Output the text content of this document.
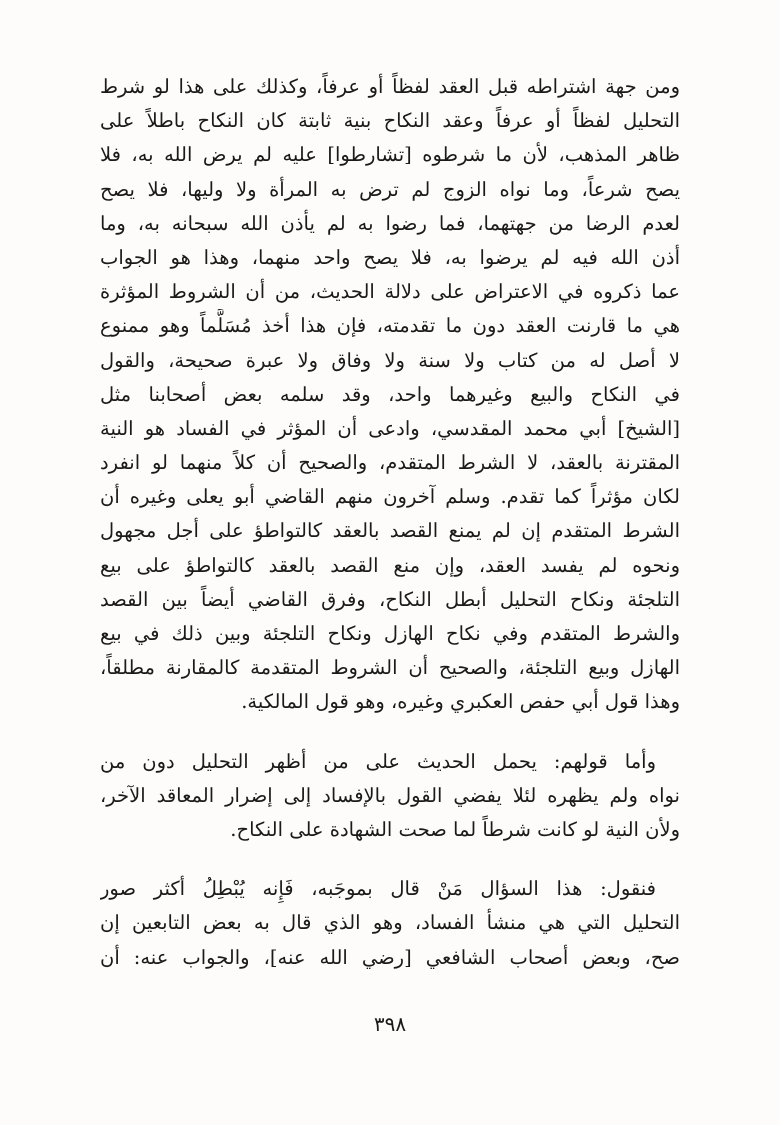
ومن جهة اشتراطه قبل العقد لفظاً أو عرفاً، وكذلك على هذا لو شرط
التحليل لفظاً أو عرفاً وعقد النكاح بنية ثابتة كان النكاح باطلاً على
ظاهر المذهب، لأن ما شرطوه [تشارطوا] عليه لم يرض الله به، فلا
يصح شرعاً، وما نواه الزوج لم ترض به المرأة ولا وليها، فلا يصح
لعدم الرضا من جهتهما، فما رضوا به لم يأذن الله سبحانه به، وما
أذن الله فيه لم يرضوا به، فلا يصح واحد منهما، وهذا هو الجواب
عما ذكروه في الاعتراض على دلالة الحديث، من أن الشروط المؤثرة
هي ما قارنت العقد دون ما تقدمته، فإن هذا أخذ مُسَلَّماً وهو ممنوع
لا أصل له من كتاب ولا سنة ولا وفاق ولا عبرة صحيحة، والقول
في النكاح والبيع وغيرهما واحد، وقد سلمه بعض أصحابنا مثل
[الشيخ] أبي محمد المقدسي، وادعى أن المؤثر في الفساد هو النية
المقترنة بالعقد، لا الشرط المتقدم، والصحيح أن كلاً منهما لو انفرد
لكان مؤثراً كما تقدم. وسلم آخرون منهم القاضي أبو يعلى وغيره أن
الشرط المتقدم إن لم يمنع القصد بالعقد كالتواطؤ على أجل مجهول
ونحوه لم يفسد العقد، وإن منع القصد بالعقد كالتواطؤ على بيع
التلجئة ونكاح التحليل أبطل النكاح، وفرق القاضي أيضاً بين القصد
والشرط المتقدم وفي نكاح الهازل ونكاح التلجئة وبين ذلك في بيع
الهازل وبيع التلجئة، والصحيح أن الشروط المتقدمة كالمقارنة مطلقاً،
وهذا قول أبي حفص العكبري وغيره، وهو قول المالكية.
وأما قولهم: يحمل الحديث على من أظهر التحليل دون من
نواه ولم يظهره لئلا يفضي القول بالإفساد إلى إضرار المعاقد الآخر،
ولأن النية لو كانت شرطاً لما صحت الشهادة على النكاح.
فنقول: هذا السؤال مَنْ قال بموجَبه، فَإِنه يُبْطِلُ أكثر صور
التحليل التي هي منشأ الفساد، وهو الذي قال به بعض التابعين إن
صح، وبعض أصحاب الشافعي [رضي الله عنه]، والجواب عنه: أن
٣٩٨
